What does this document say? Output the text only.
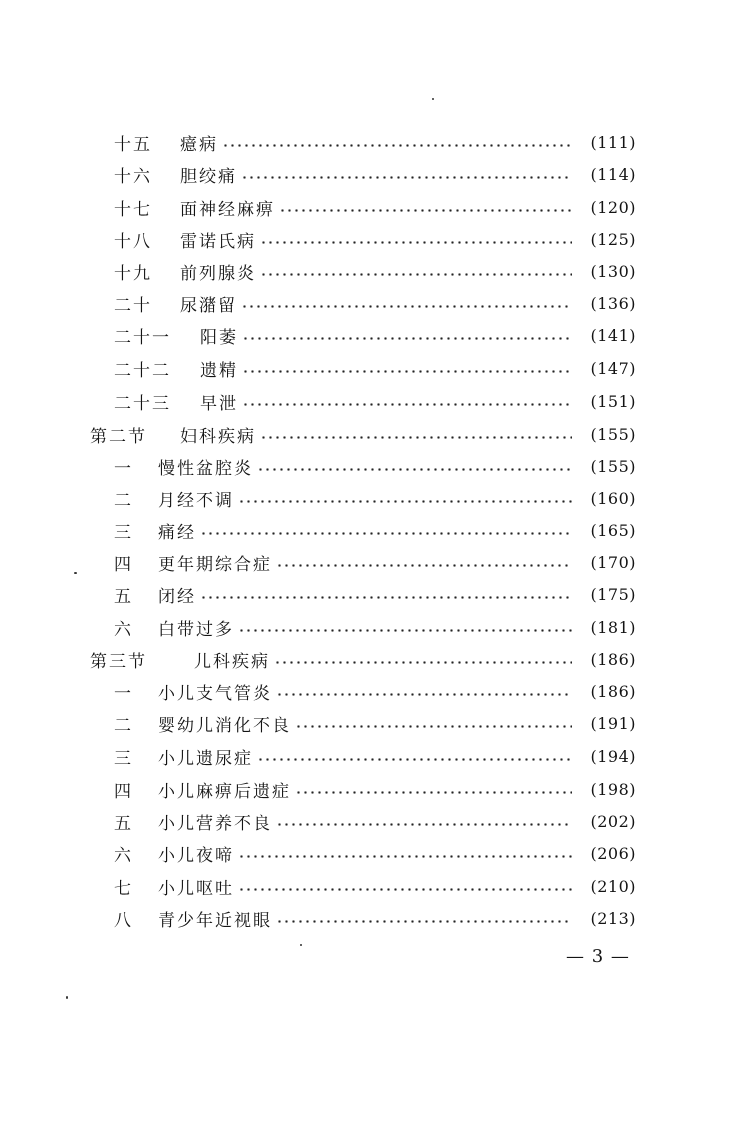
十五	癔病	(111)
十六	胆绞痛	(114)
十七	面神经麻痹	(120)
十八	雷诺氏病	(125)
十九	前列腺炎	(130)
二十	尿潴留	(136)
二十一	阳萎	(141)
二十二	遗精	(147)
二十三	早泄	(151)
第二节	妇科疾病	(155)
一	慢性盆腔炎	(155)
二	月经不调	(160)
三	痛经	(165)
四	更年期综合症	(170)
五	闭经	(175)
六	白带过多	(181)
第三节	儿科疾病	(186)
一	小儿支气管炎	(186)
二	婴幼儿消化不良	(191)
三	小儿遗尿症	(194)
四	小儿麻痹后遗症	(198)
五	小儿营养不良	(202)
六	小儿夜啼	(206)
七	小儿呕吐	(210)
八	青少年近视眼	(213)
— 3 —
